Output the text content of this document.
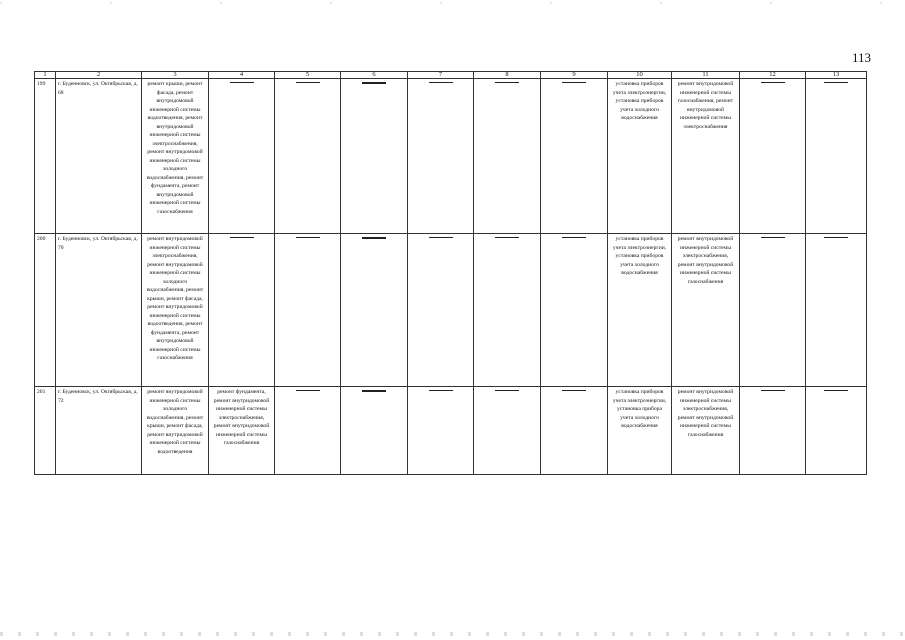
113
1	2	3	4	5	6	7	8	9	10	11	12	13
199	г. Буденновск, ул. Октябрьская, д. 68	ремонт крыши, ремонт фасада, ремонт внутридомовой инженерной системы водоотведения, ремонт внутридомовой инженерной системы электроснабжения, ремонт внутридомовой инженерной системы холодного водоснабжения, ремонт фундамента, ремонт внутридомовой инженерной системы газоснабжения							установка приборов учета электроэнергии, установка приборов учета холодного водоснабжения	ремонт внутридомовой инженерной системы газоснабжения, ремонт внутридомовой инженерной системы электроснабжения	

200	г. Буденновск, ул. Октябрьская, д. 70	ремонт внутридомовой инженерной системы электроснабжения, ремонт внутридомовой инженерной системы холодного водоснабжения, ремонт крыши, ремонт фасада, ремонт внутридомовой инженерной системы водоотведения, ремонт фундамента, ремонт внутридомовой инженерной системы газоснабжения							установка приборов учета электроэнергии, установка приборов учета холодного водоснабжения	ремонт внутридомовой инженерной системы электроснабжения, ремонт внутридомовой инженерной системы газоснабжения	

201	г. Буденновск, ул. Октябрьская, д. 72	ремонт внутридомовой инженерной системы холодного водоснабжения, ремонт крыши, ремонт фасада, ремонт внутридомовой инженерной системы водоотведения	ремонт фундамента, ремонт внутридомовой инженерной системы электроснабжения, ремонт внутридомовой инженерной системы газоснабжения						установка приборов учета электроэнергии, установка прибора учета холодного водоснабжения	ремонт внутридомовой инженерной системы электроснабжения, ремонт внутридомовой инженерной системы газоснабжения	
